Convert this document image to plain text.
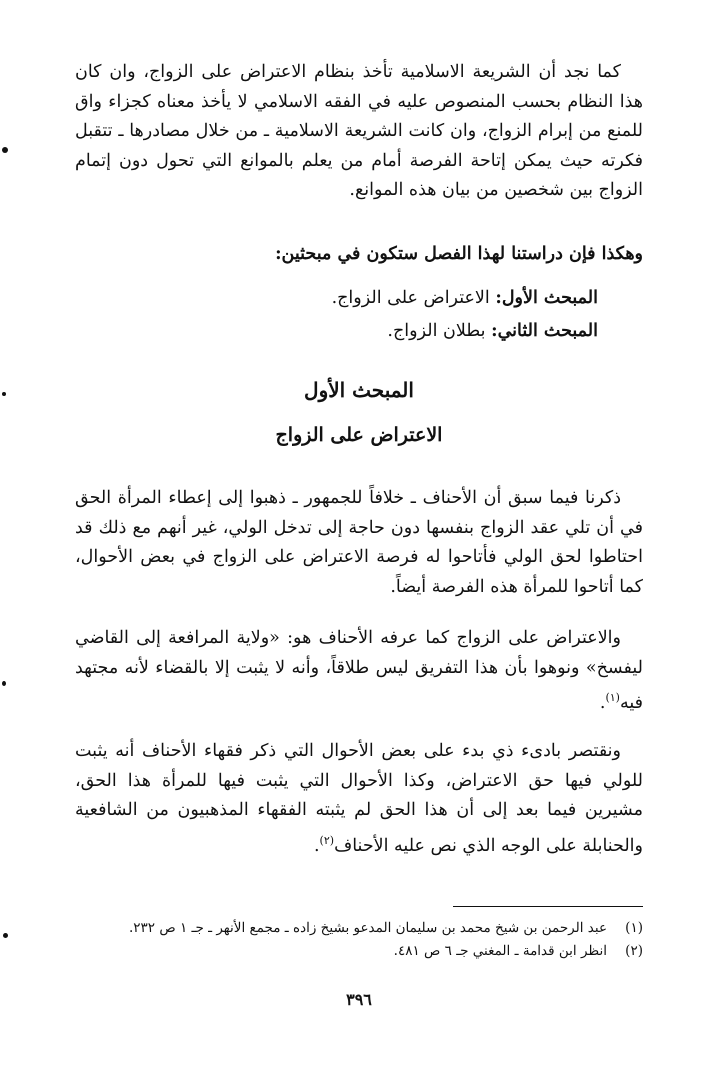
كما نجد أن الشريعة الاسلامية تأخذ بنظام الاعتراض على الزواج، وان كان هذا النظام بحسب المنصوص عليه في الفقه الاسلامي لا يأخذ معناه كجزاء واق للمنع من إبرام الزواج، وان كانت الشريعة الاسلامية ـ من خلال مصادرها ـ تتقبل فكرته حيث يمكن إتاحة الفرصة أمام من يعلم بالموانع التي تحول دون إتمام الزواج بين شخصين من بيان هذه الموانع.

وهكذا فإن دراستنا لهذا الفصل ستكون في مبحثين:

المبحث الأول: الاعتراض على الزواج.
المبحث الثاني: بطلان الزواج.
المبحث الأول
الاعتراض على الزواج

ذكرنا فيما سبق أن الأحناف ـ خلافاً للجمهور ـ ذهبوا إلى إعطاء المرأة الحق في أن تلي عقد الزواج بنفسها دون حاجة إلى تدخل الولي، غير أنهم مع ذلك قد احتاطوا لحق الولي فأتاحوا له فرصة الاعتراض على الزواج في بعض الأحوال، كما أتاحوا للمرأة هذه الفرصة أيضاً.

والاعتراض على الزواج كما عرفه الأحناف هو: «ولاية المرافعة إلى القاضي ليفسخ» ونوهوا بأن هذا التفريق ليس طلاقاً، وأنه لا يثبت إلا بالقضاء لأنه مجتهد فيه$^{(١)}$.

ونقتصر بادىء ذي بدء على بعض الأحوال التي ذكر فقهاء الأحناف أنه يثبت للولي فيها حق الاعتراض، وكذا الأحوال التي يثبت فيها للمرأة هذا الحق، مشيرين فيما بعد إلى أن هذا الحق لم يثبته الفقهاء المذهبيون من الشافعية والحنابلة على الوجه الذي نص عليه الأحناف$^{(٢)}$.

(١)
عبد الرحمن بن شيخ محمد بن سليمان المدعو بشيخ زاده ـ مجمع الأنهر ـ جـ ١ ص ٢٣٢.
(٢)
انظر ابن قدامة ـ المغني جـ ٦ ص ٤٨١.
٣٩٦
